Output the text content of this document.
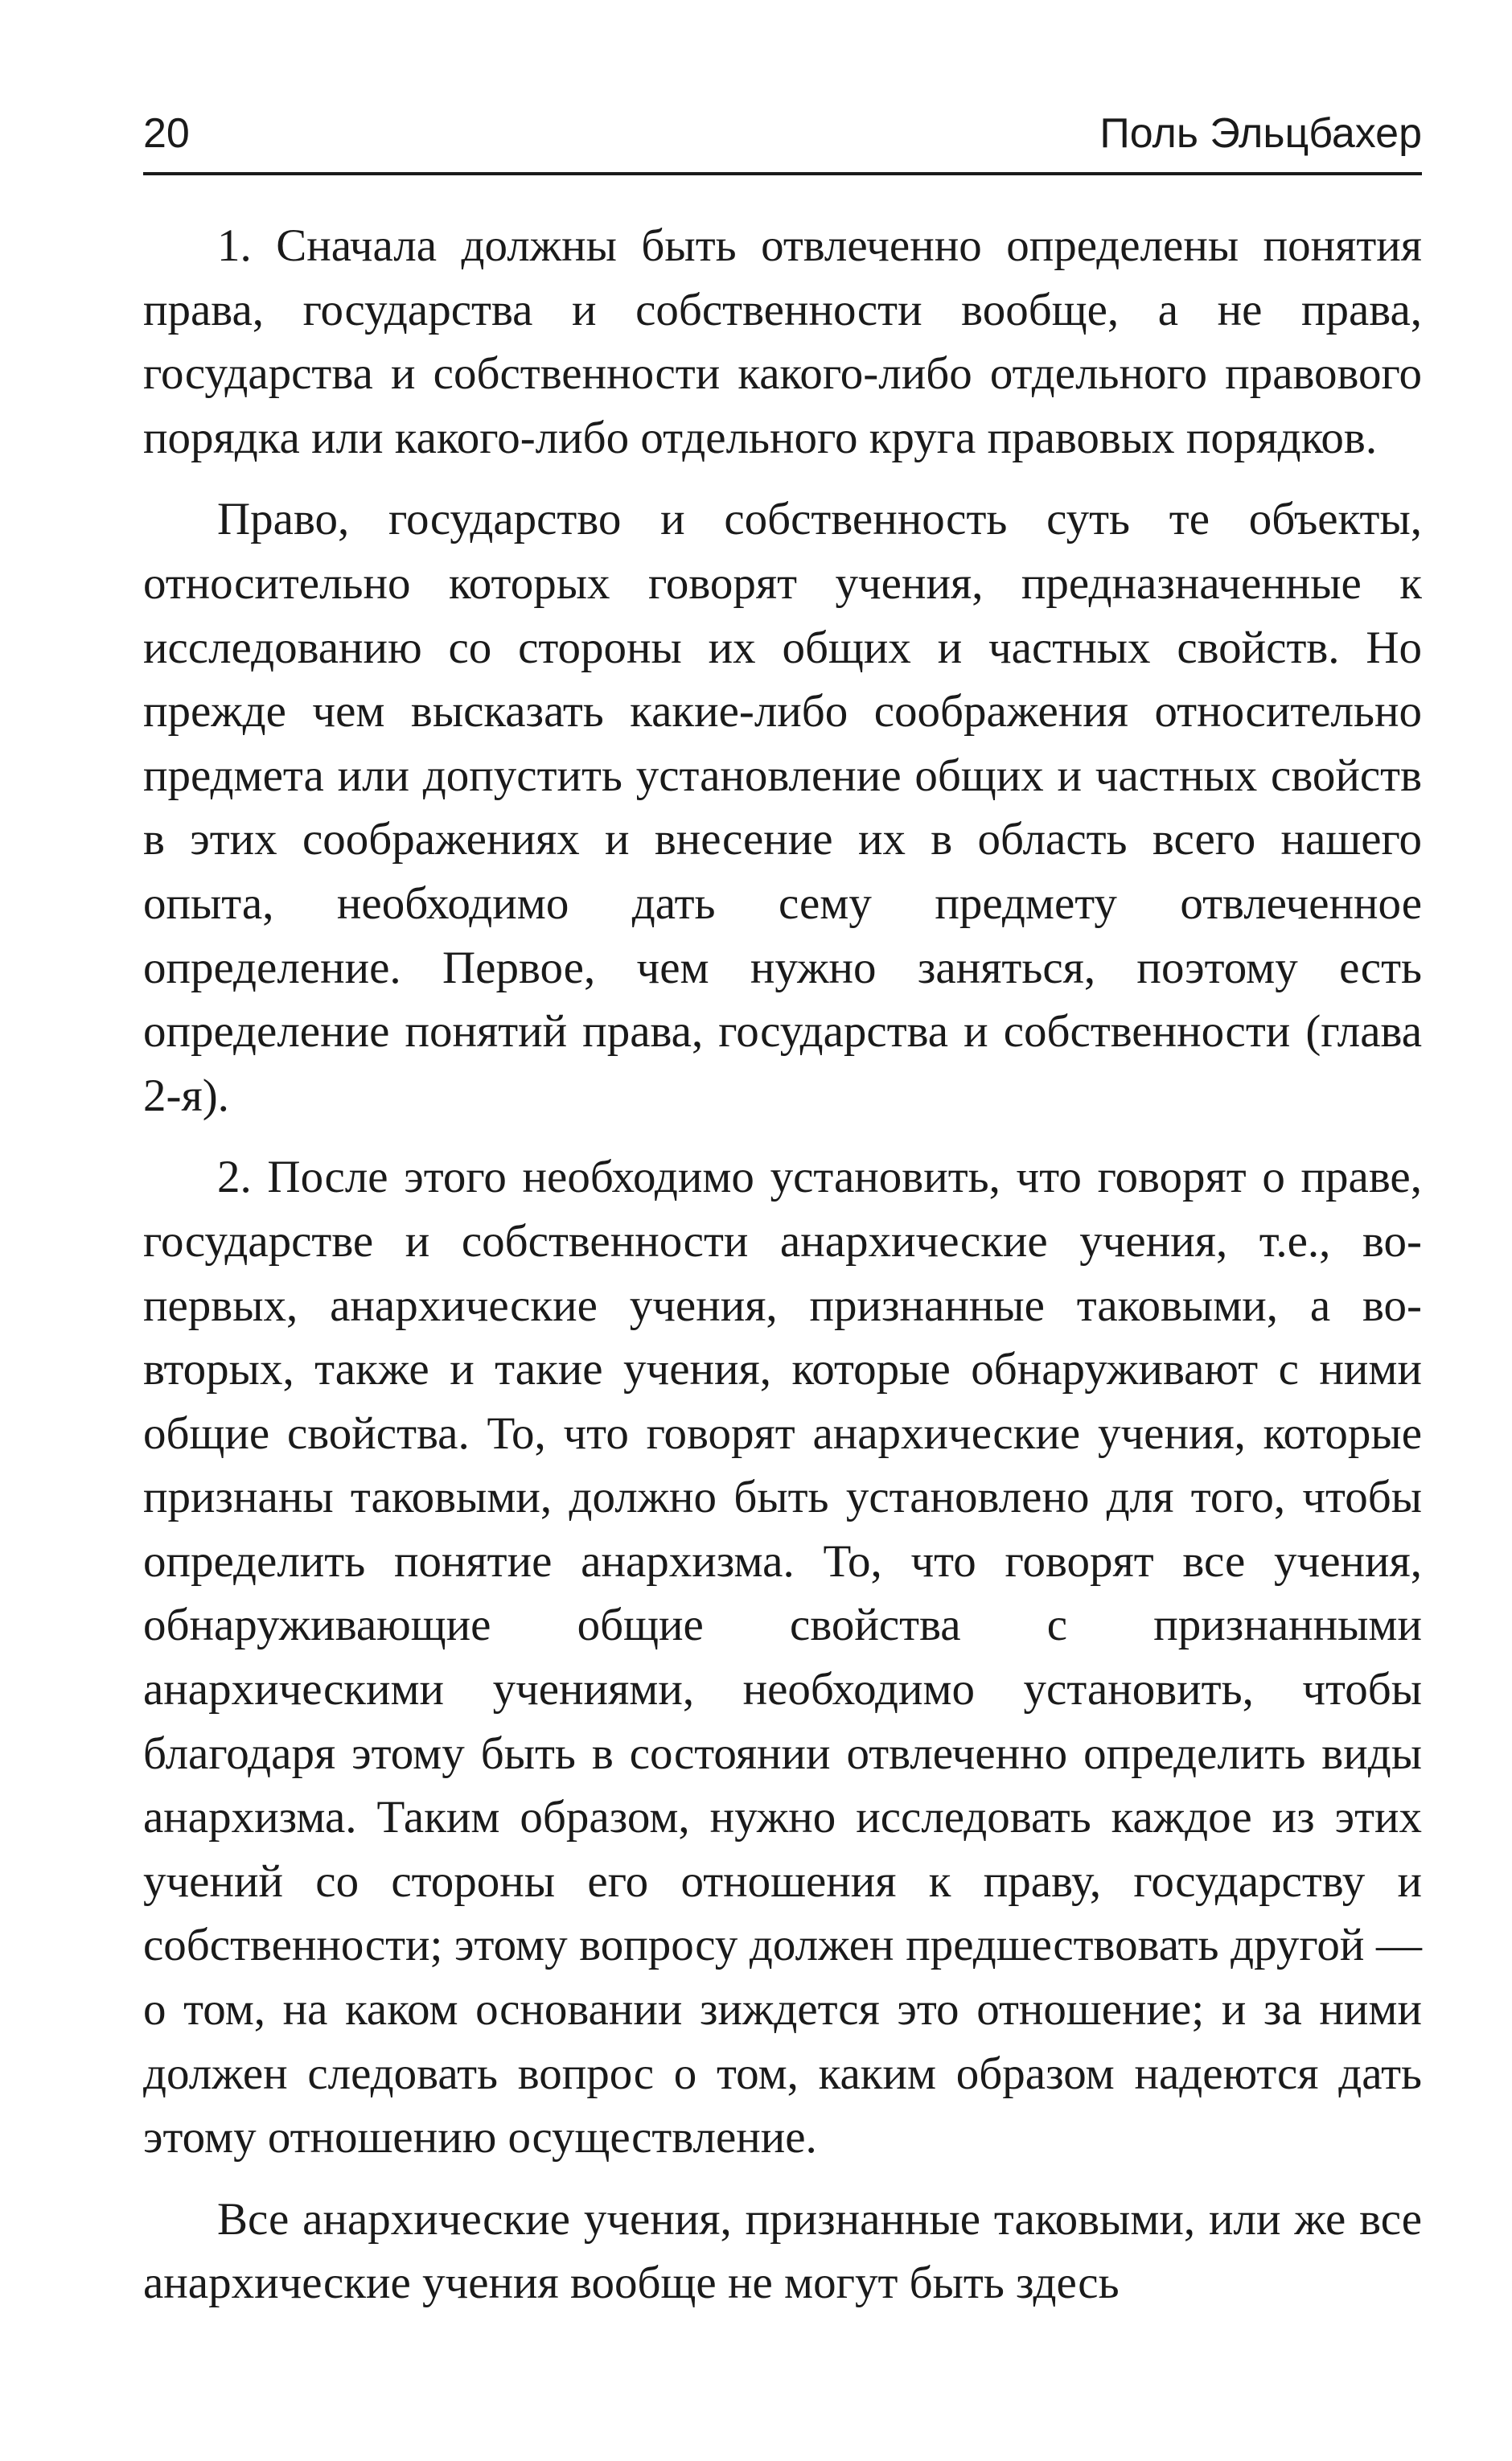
20	Поль Эльцбахер

1. Сначала должны быть отвлеченно определены понятия права, государства и собственности вообще, а не права, государства и собственности какого-либо отдельного правового порядка или какого-либо отдельного круга правовых порядков.

Право, государство и собственность суть те объекты, относительно которых говорят учения, предназначенные к исследованию со стороны их общих и частных свойств. Но прежде чем высказать какие-либо соображения относительно предмета или допустить установление общих и частных свойств в этих соображениях и внесение их в область всего нашего опыта, необходимо дать сему предмету отвлеченное определение. Первое, чем нужно заняться, поэтому есть определение понятий права, государства и собственности (глава 2-я).

2. После этого необходимо установить, что говорят о праве, государстве и собственности анархические учения, т.е., во-первых, анархические учения, признанные таковыми, а во-вторых, также и такие учения, которые обнаруживают с ними общие свойства. То, что говорят анархические учения, которые признаны таковыми, должно быть установлено для того, чтобы определить понятие анархизма. То, что говорят все учения, обнаруживающие общие свойства с признанными анархическими учениями, необходимо установить, чтобы благодаря этому быть в состоянии отвлеченно определить виды анархизма. Таким образом, нужно исследовать каждое из этих учений со стороны его отношения к праву, государству и собственности; этому вопросу должен предшествовать другой — о том, на каком основании зиждется это отношение; и за ними должен следовать вопрос о том, каким образом надеются дать этому отношению осуществление.

Все анархические учения, признанные таковыми, или же все анархические учения вообще не могут быть здесь
